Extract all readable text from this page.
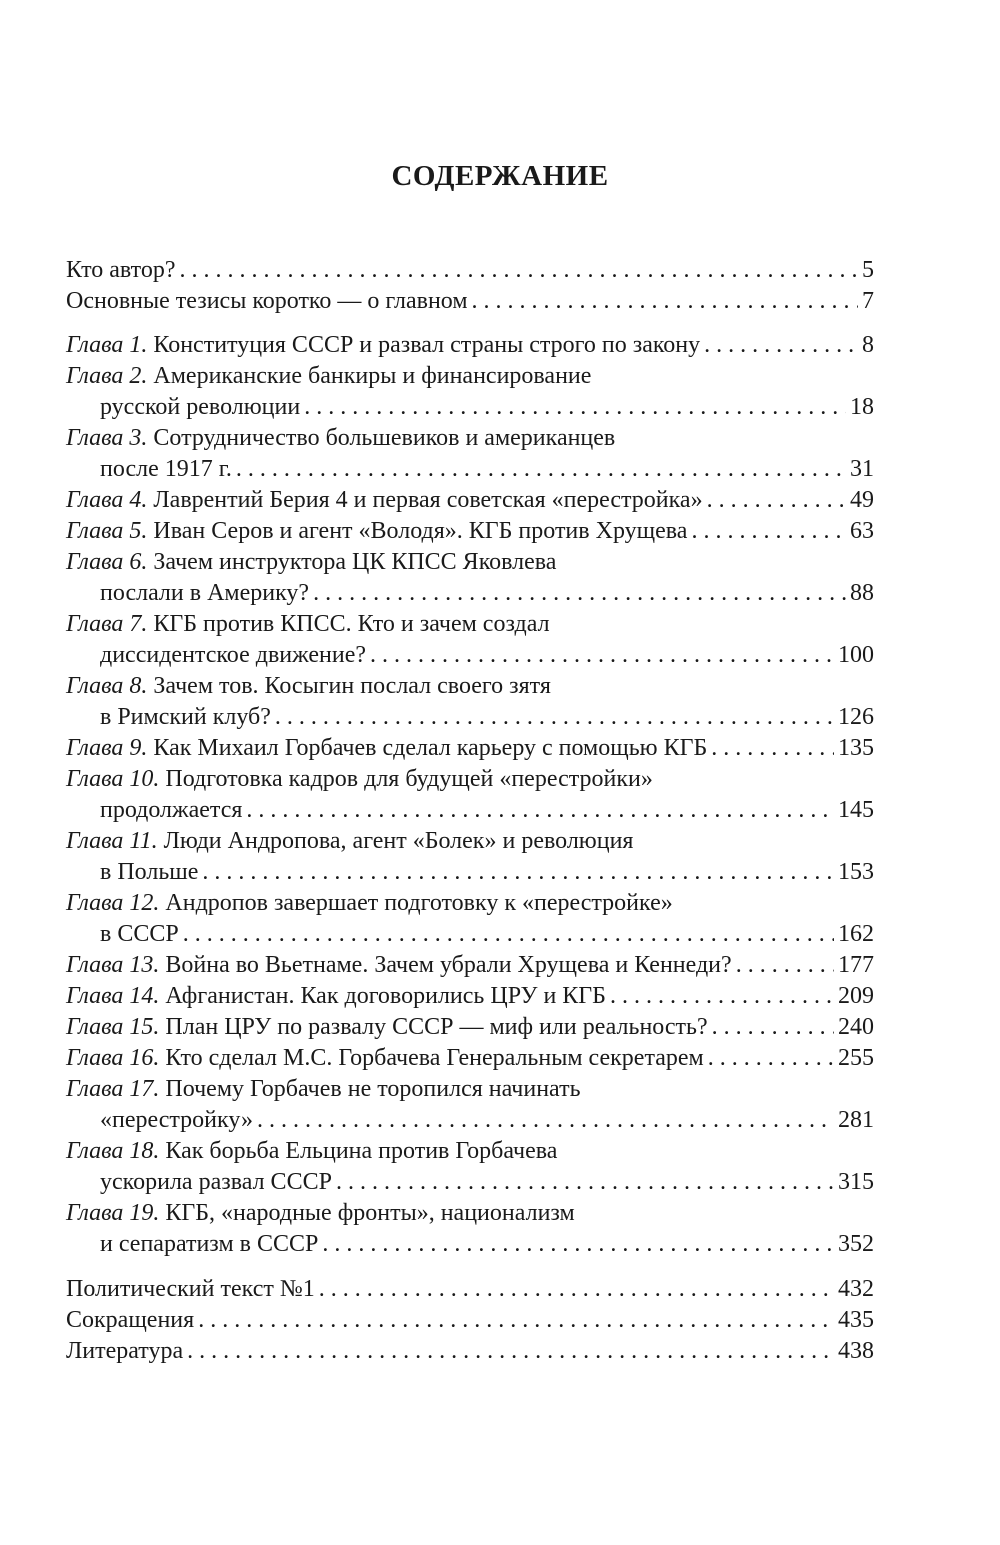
СОДЕРЖАНИЕ
Кто автор? . . .	5
Основные тезисы коротко — о главном . . .	7
Глава 1. Конституция СССР и развал страны строго по закону . . .	8
Глава 2. Американские банкиры и финансирование
русской революции . . .	18
Глава 3. Сотрудничество большевиков и американцев
после 1917 г. . . .	31
Глава 4. Лаврентий Берия 4 и первая советская «перестройка» . . .	49
Глава 5. Иван Серов и агент «Володя». КГБ против Хрущева . . .	63
Глава 6. Зачем инструктора ЦК КПСС Яковлева
послали в Америку? . . .	88
Глава 7. КГБ против КПСС. Кто и зачем создал
диссидентское движение? . . .	100
Глава 8. Зачем тов. Косыгин послал своего зятя
в Римский клуб? . . .	126
Глава 9. Как Михаил Горбачев сделал карьеру с помощью КГБ . . .	135
Глава 10. Подготовка кадров для будущей «перестройки»
продолжается . . .	145
Глава 11. Люди Андропова, агент «Болек» и революция
в Польше . . .	153
Глава 12. Андропов завершает подготовку к «перестройке»
в СССР . . .	162
Глава 13. Война во Вьетнаме. Зачем убрали Хрущева и Кеннеди? . . .	177
Глава 14. Афганистан. Как договорились ЦРУ и КГБ . . .	209
Глава 15. План ЦРУ по развалу СССР — миф или реальность? . . .	240
Глава 16. Кто сделал М.С. Горбачева Генеральным секретарем . . .	255
Глава 17. Почему Горбачев не торопился начинать
«перестройку» . . .	281
Глава 18. Как борьба Ельцина против Горбачева
ускорила развал СССР . . .	315
Глава 19. КГБ, «народные фронты», национализм
и сепаратизм в СССР . . .	352
Политический текст №1 . . .	432
Сокращения . . .	435
Литература . . .	438
